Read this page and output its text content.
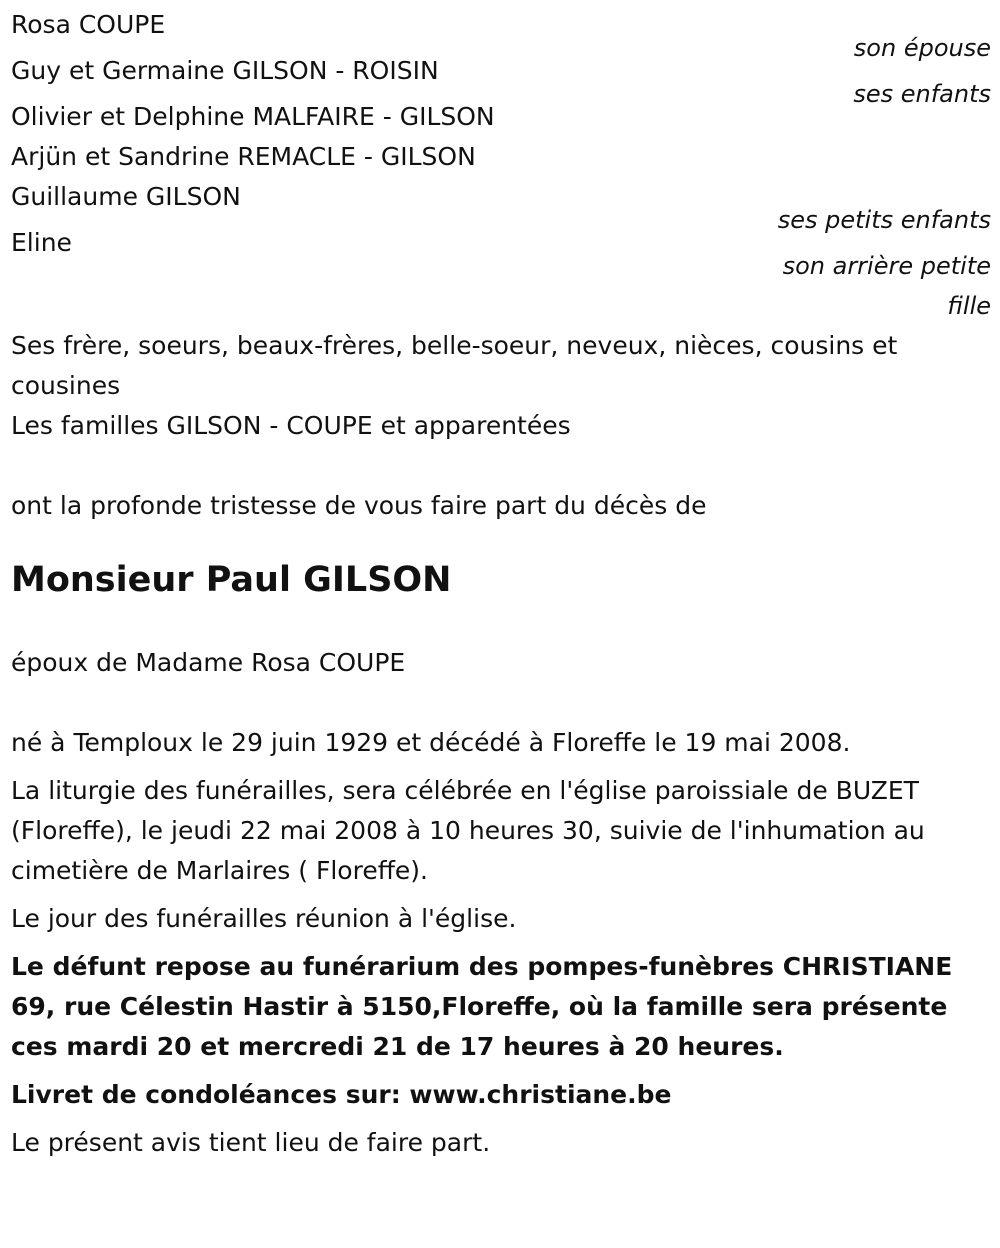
Rosa COUPE

son épouse

Guy et Germaine GILSON - ROISIN

ses enfants

Olivier et Delphine MALFAIRE - GILSON

Arjün et Sandrine REMACLE - GILSON

Guillaume GILSON

ses petits enfants

Eline

son arrière petite

fille

Ses frère, soeurs, beaux-frères, belle-soeur, neveux, nièces, cousins et cousines

Les familles GILSON - COUPE et apparentées

ont la profonde tristesse de vous faire part du décès de

Monsieur Paul GILSON

époux de Madame Rosa COUPE

né à Temploux le 29 juin 1929 et décédé à Floreffe le 19 mai 2008.

La liturgie des funérailles, sera célébrée en l'église paroissiale de BUZET (Floreffe), le jeudi 22 mai 2008 à 10 heures 30, suivie de l'inhumation au cimetière de Marlaires ( Floreffe).

Le jour des funérailles réunion à l'église.

Le défunt repose au funérarium des pompes-funèbres CHRISTIANE 69, rue Célestin Hastir à 5150,Floreffe, où la famille sera présente ces mardi 20 et mercredi 21 de 17 heures à 20 heures.

Livret de condoléances sur: www.christiane.be

Le présent avis tient lieu de faire part.
